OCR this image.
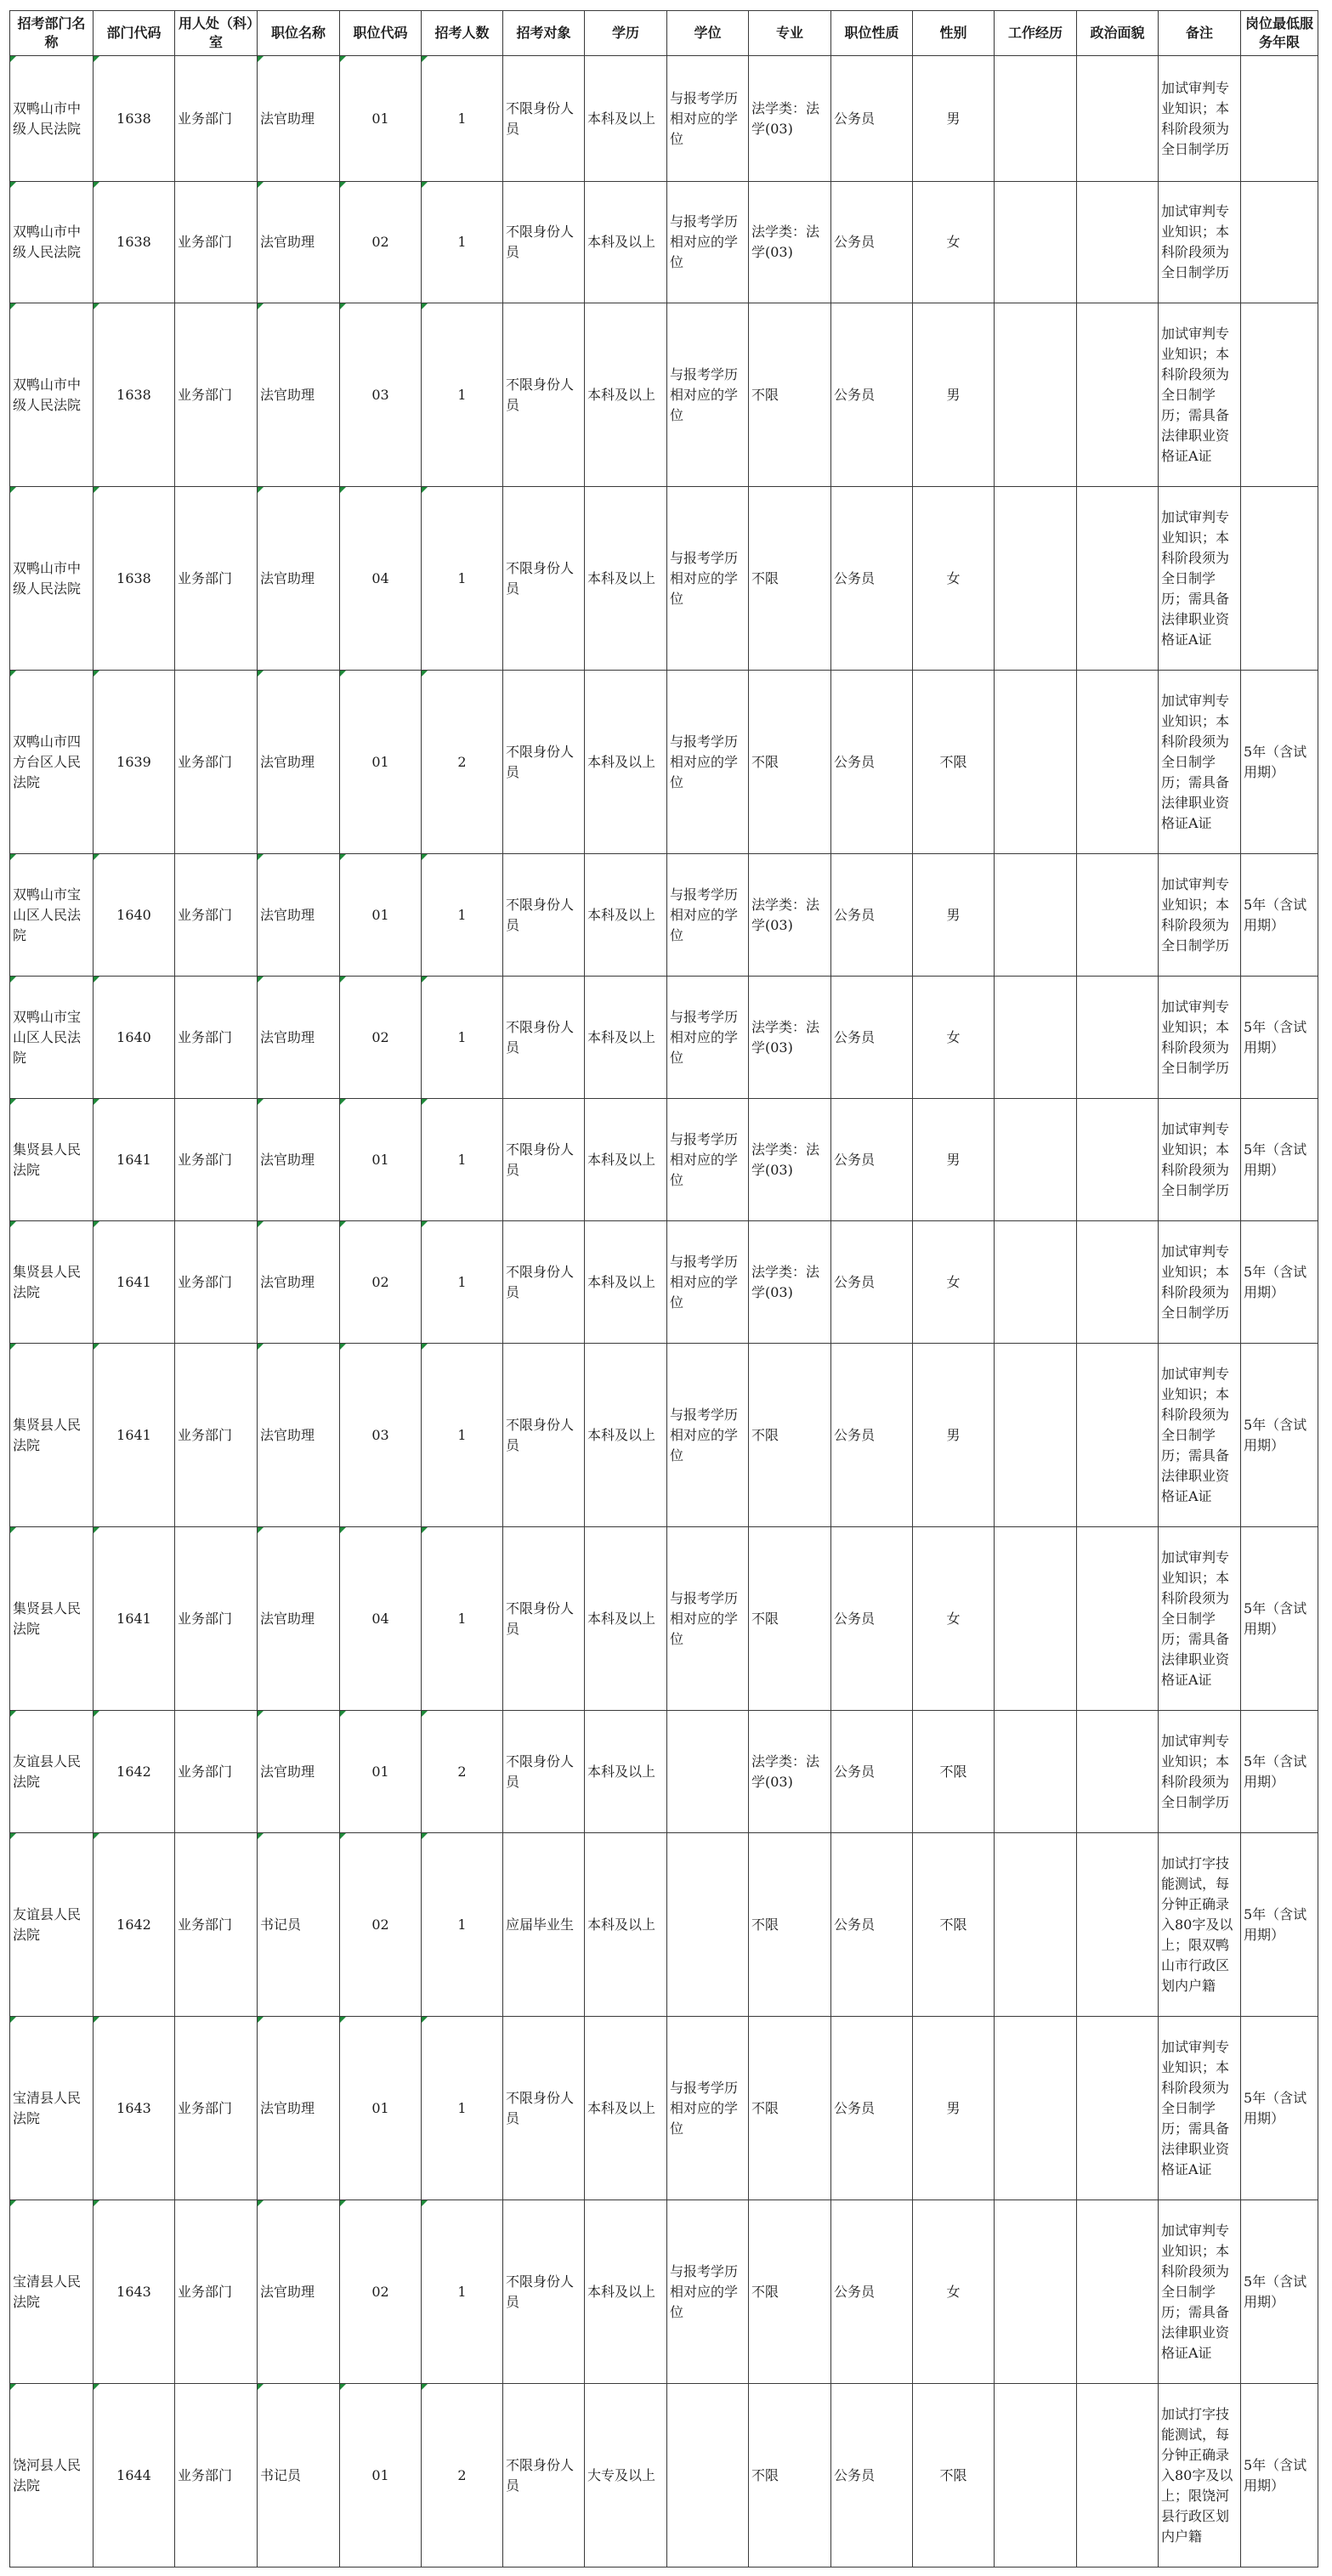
招考部门名称	部门代码	用人处（科）室	职位名称	职位代码	招考人数	招考对象	学历	学位	专业	职位性质	性别	工作经历	政治面貌	备注	岗位最低服务年限

双鸭山市中级人民法院	1638	业务部门	法官助理	01	1	不限身份人员	本科及以上	与报考学历相对应的学位	法学类：法学(03)	公务员	男			加试审判专业知识；本科阶段须为全日制学历	

双鸭山市中级人民法院	1638	业务部门	法官助理	02	1	不限身份人员	本科及以上	与报考学历相对应的学位	法学类：法学(03)	公务员	女			加试审判专业知识；本科阶段须为全日制学历	

双鸭山市中级人民法院	1638	业务部门	法官助理	03	1	不限身份人员	本科及以上	与报考学历相对应的学位	不限	公务员	男			加试审判专业知识；本科阶段须为全日制学历；需具备法律职业资格证A证	

双鸭山市中级人民法院	1638	业务部门	法官助理	04	1	不限身份人员	本科及以上	与报考学历相对应的学位	不限	公务员	女			加试审判专业知识；本科阶段须为全日制学历；需具备法律职业资格证A证	

双鸭山市四方台区人民法院	1639	业务部门	法官助理	01	2	不限身份人员	本科及以上	与报考学历相对应的学位	不限	公务员	不限			加试审判专业知识；本科阶段须为全日制学历；需具备法律职业资格证A证	5年（含试用期）

双鸭山市宝山区人民法院	1640	业务部门	法官助理	01	1	不限身份人员	本科及以上	与报考学历相对应的学位	法学类：法学(03)	公务员	男			加试审判专业知识；本科阶段须为全日制学历	5年（含试用期）

双鸭山市宝山区人民法院	1640	业务部门	法官助理	02	1	不限身份人员	本科及以上	与报考学历相对应的学位	法学类：法学(03)	公务员	女			加试审判专业知识；本科阶段须为全日制学历	5年（含试用期）

集贤县人民法院	1641	业务部门	法官助理	01	1	不限身份人员	本科及以上	与报考学历相对应的学位	法学类：法学(03)	公务员	男			加试审判专业知识；本科阶段须为全日制学历	5年（含试用期）

集贤县人民法院	1641	业务部门	法官助理	02	1	不限身份人员	本科及以上	与报考学历相对应的学位	法学类：法学(03)	公务员	女			加试审判专业知识；本科阶段须为全日制学历	5年（含试用期）

集贤县人民法院	1641	业务部门	法官助理	03	1	不限身份人员	本科及以上	与报考学历相对应的学位	不限	公务员	男			加试审判专业知识；本科阶段须为全日制学历；需具备法律职业资格证A证	5年（含试用期）

集贤县人民法院	1641	业务部门	法官助理	04	1	不限身份人员	本科及以上	与报考学历相对应的学位	不限	公务员	女			加试审判专业知识；本科阶段须为全日制学历；需具备法律职业资格证A证	5年（含试用期）

友谊县人民法院	1642	业务部门	法官助理	01	2	不限身份人员	本科及以上		法学类：法学(03)	公务员	不限			加试审判专业知识；本科阶段须为全日制学历	5年（含试用期）

友谊县人民法院	1642	业务部门	书记员	02	1	应届毕业生	本科及以上		不限	公务员	不限			加试打字技能测试，每分钟正确录入80字及以上；限双鸭山市行政区划内户籍	5年（含试用期）

宝清县人民法院	1643	业务部门	法官助理	01	1	不限身份人员	本科及以上	与报考学历相对应的学位	不限	公务员	男			加试审判专业知识；本科阶段须为全日制学历；需具备法律职业资格证A证	5年（含试用期）

宝清县人民法院	1643	业务部门	法官助理	02	1	不限身份人员	本科及以上	与报考学历相对应的学位	不限	公务员	女			加试审判专业知识；本科阶段须为全日制学历；需具备法律职业资格证A证	5年（含试用期）

饶河县人民法院	1644	业务部门	书记员	01	2	不限身份人员	大专及以上		不限	公务员	不限			加试打字技能测试，每分钟正确录入80字及以上；限饶河县行政区划内户籍	5年（含试用期）
